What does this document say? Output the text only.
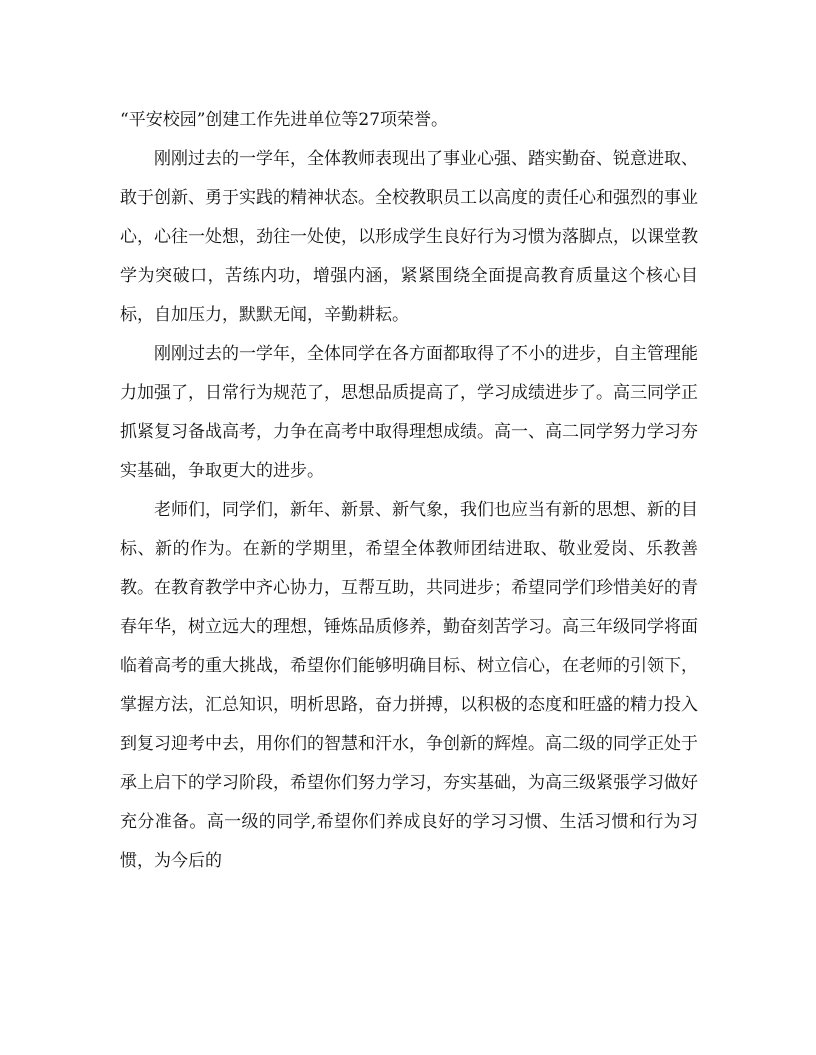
“平安校园”创建工作先进单位等27项荣誉。

刚刚过去的一学年，全体教师表现出了事业心强、踏实勤奋、锐意进取、敢于创新、勇于实践的精神状态。全校教职员工以高度的责任心和强烈的事业心，心往一处想，劲往一处使，以形成学生良好行为习惯为落脚点，以课堂教学为突破口，苦练内功，增强内涵，紧紧围绕全面提高教育质量这个核心目标，自加压力，默默无闻，辛勤耕耘。

刚刚过去的一学年，全体同学在各方面都取得了不小的进步，自主管理能力加强了，日常行为规范了，思想品质提高了，学习成绩进步了。高三同学正抓紧复习备战高考，力争在高考中取得理想成绩。高一、高二同学努力学习夯实基础，争取更大的进步。

老师们，同学们，新年、新景、新气象，我们也应当有新的思想、新的目标、新的作为。在新的学期里，希望全体教师团结进取、敬业爱岗、乐教善教。在教育教学中齐心协力，互帮互助，共同进步；希望同学们珍惜美好的青春年华，树立远大的理想，锤炼品质修养，勤奋刻苦学习。高三年级同学将面临着高考的重大挑战，希望你们能够明确目标、树立信心，在老师的引领下，掌握方法，汇总知识，明析思路，奋力拼搏，以积极的态度和旺盛的精力投入到复习迎考中去，用你们的智慧和汗水，争创新的辉煌。高二级的同学正处于承上启下的学习阶段，希望你们努力学习，夯实基础，为高三级紧張学习做好充分准备。高一级的同学,希望你们养成良好的学习习惯、生活习惯和行为习惯，为今后的
